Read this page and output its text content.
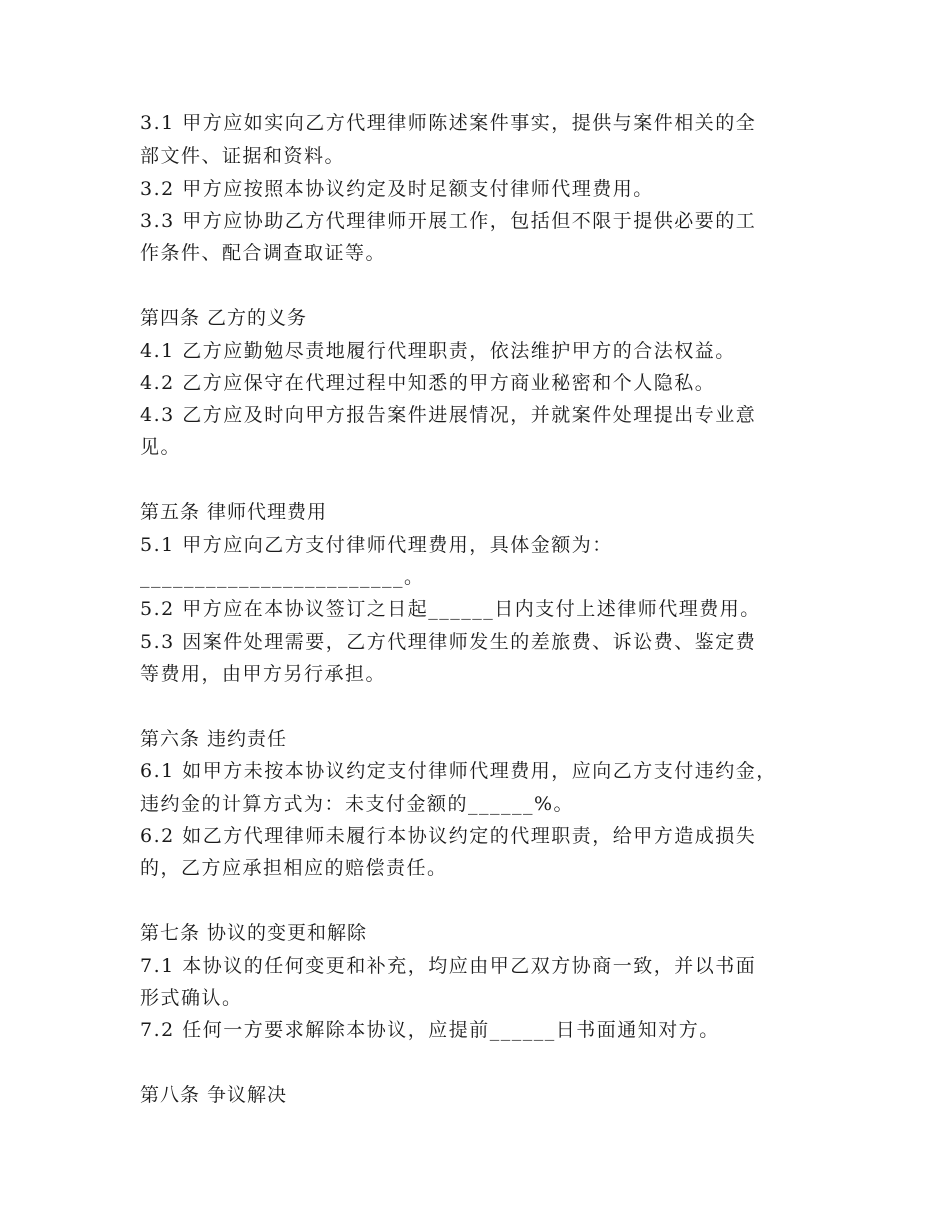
3.1 甲方应如实向乙方代理律师陈述案件事实，提供与案件相关的全
部文件、证据和资料。
3.2 甲方应按照本协议约定及时足额支付律师代理费用。
3.3 甲方应协助乙方代理律师开展工作，包括但不限于提供必要的工
作条件、配合调查取证等。
第四条 乙方的义务
4.1 乙方应勤勉尽责地履行代理职责，依法维护甲方的合法权益。
4.2 乙方应保守在代理过程中知悉的甲方商业秘密和个人隐私。
4.3 乙方应及时向甲方报告案件进展情况，并就案件处理提出专业意
见。
第五条 律师代理费用
5.1 甲方应向乙方支付律师代理费用，具体金额为：
________________________。
5.2 甲方应在本协议签订之日起______日内支付上述律师代理费用。
5.3 因案件处理需要，乙方代理律师发生的差旅费、诉讼费、鉴定费
等费用，由甲方另行承担。
第六条 违约责任
6.1 如甲方未按本协议约定支付律师代理费用，应向乙方支付违约金，
违约金的计算方式为：未支付金额的______%。
6.2 如乙方代理律师未履行本协议约定的代理职责，给甲方造成损失
的，乙方应承担相应的赔偿责任。
第七条 协议的变更和解除
7.1 本协议的任何变更和补充，均应由甲乙双方协商一致，并以书面
形式确认。
7.2 任何一方要求解除本协议，应提前______日书面通知对方。
第八条 争议解决
